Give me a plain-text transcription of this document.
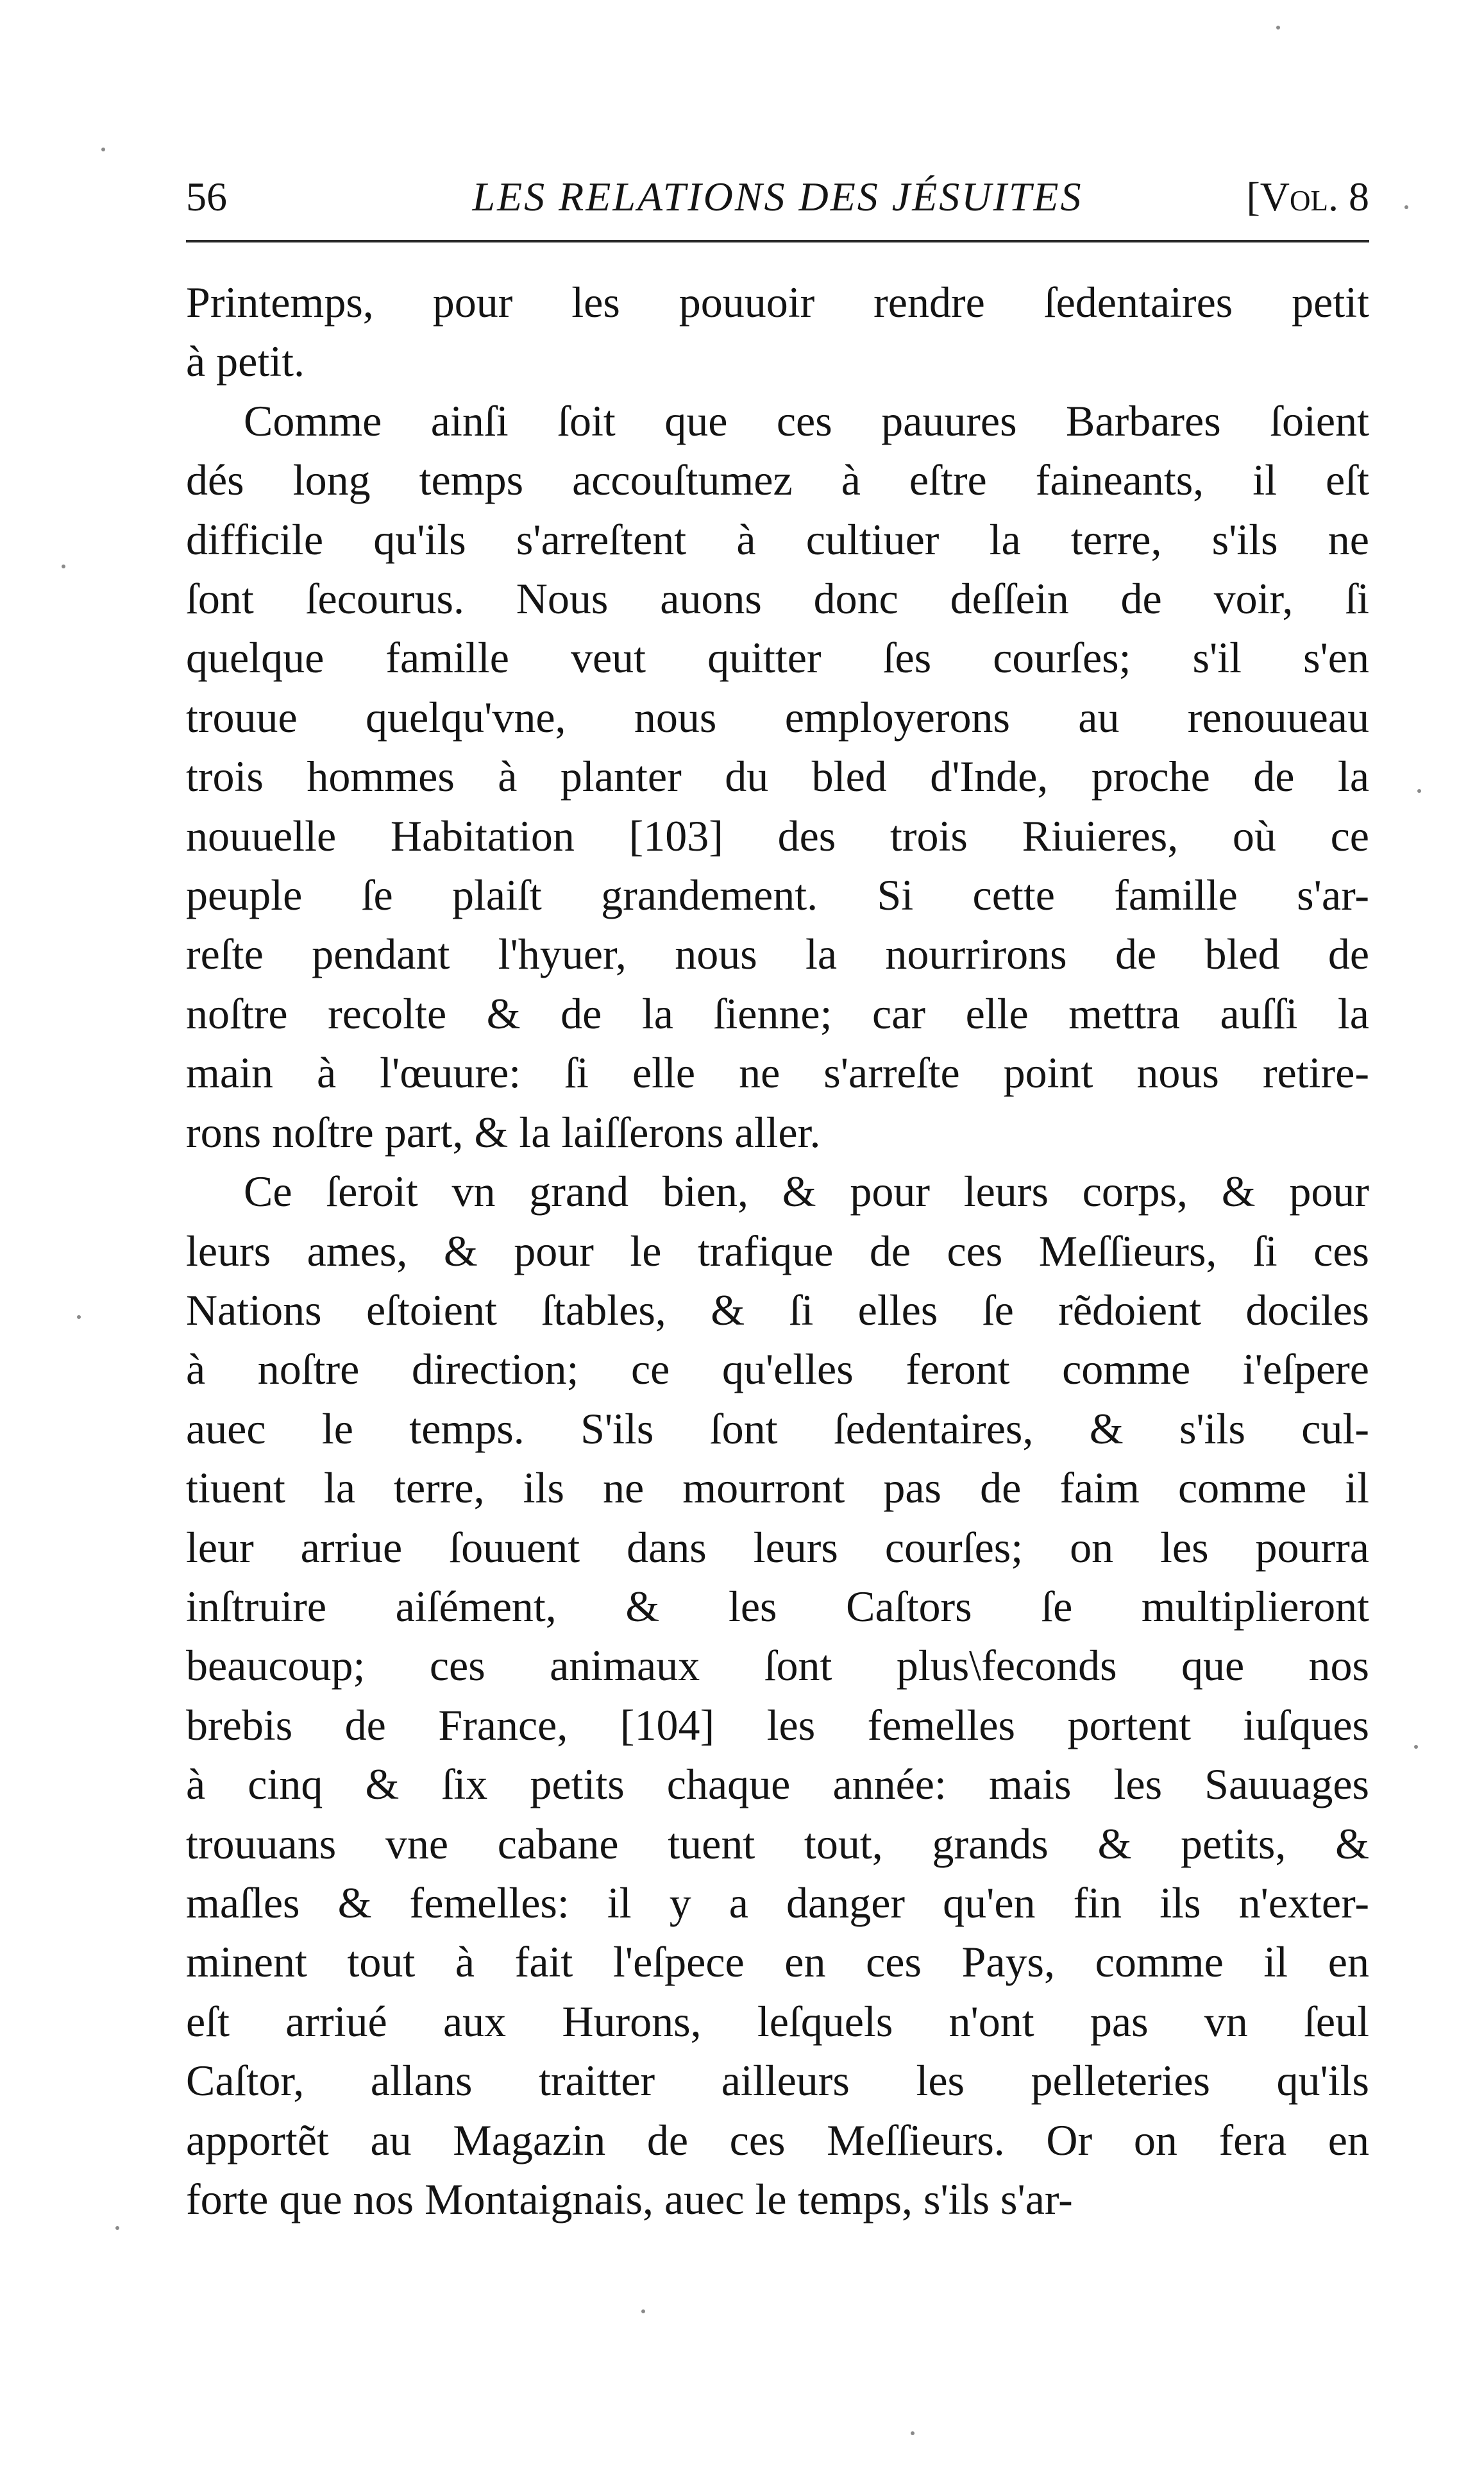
56	LES RELATIONS DES JÉSUITES	[Vol. 8
Printemps, pour les pouuoir rendre ſedentaires petit
à petit.
Comme ainſi ſoit que ces pauures Barbares ſoient
dés long temps accouſtumez à eſtre faineants, il eſt
difficile qu'ils s'arreſtent à cultiuer la terre, s'ils ne
ſont ſecourus. Nous auons donc deſſein de voir, ſi
quelque famille veut quitter ſes courſes; s'il s'en
trouue quelqu'vne, nous employerons au renouueau
trois hommes à planter du bled d'Inde, proche de la
nouuelle Habitation [103] des trois Riuieres, où ce
peuple ſe plaiſt grandement. Si cette famille s'ar-
reſte pendant l'hyuer, nous la nourrirons de bled de
noſtre recolte & de la ſienne; car elle mettra auſſi la
main à l'œuure: ſi elle ne s'arreſte point nous retire-
rons noſtre part, & la laiſſerons aller.
Ce ſeroit vn grand bien, & pour leurs corps, & pour
leurs ames, & pour le trafique de ces Meſſieurs, ſi ces
Nations eſtoient ſtables, & ſi elles ſe rẽdoient dociles
à noſtre direction; ce qu'elles feront comme i'eſpere
auec le temps. S'ils ſont ſedentaires, & s'ils cul-
tiuent la terre, ils ne mourront pas de faim comme il
leur arriue ſouuent dans leurs courſes; on les pourra
inſtruire aiſément, & les Caſtors ſe multiplieront
beaucoup; ces animaux ſont plus\feconds que nos
brebis de France, [104] les femelles portent iuſques
à cinq & ſix petits chaque année: mais les Sauuages
trouuans vne cabane tuent tout, grands & petits, &
maſles & femelles: il y a danger qu'en fin ils n'exter-
minent tout à fait l'eſpece en ces Pays, comme il en
eſt arriué aux Hurons, leſquels n'ont pas vn ſeul
Caſtor, allans traitter ailleurs les pelleteries qu'ils
apportẽt au Magazin de ces Meſſieurs. Or on fera en
forte que nos Montaignais, auec le temps, s'ils s'ar-
